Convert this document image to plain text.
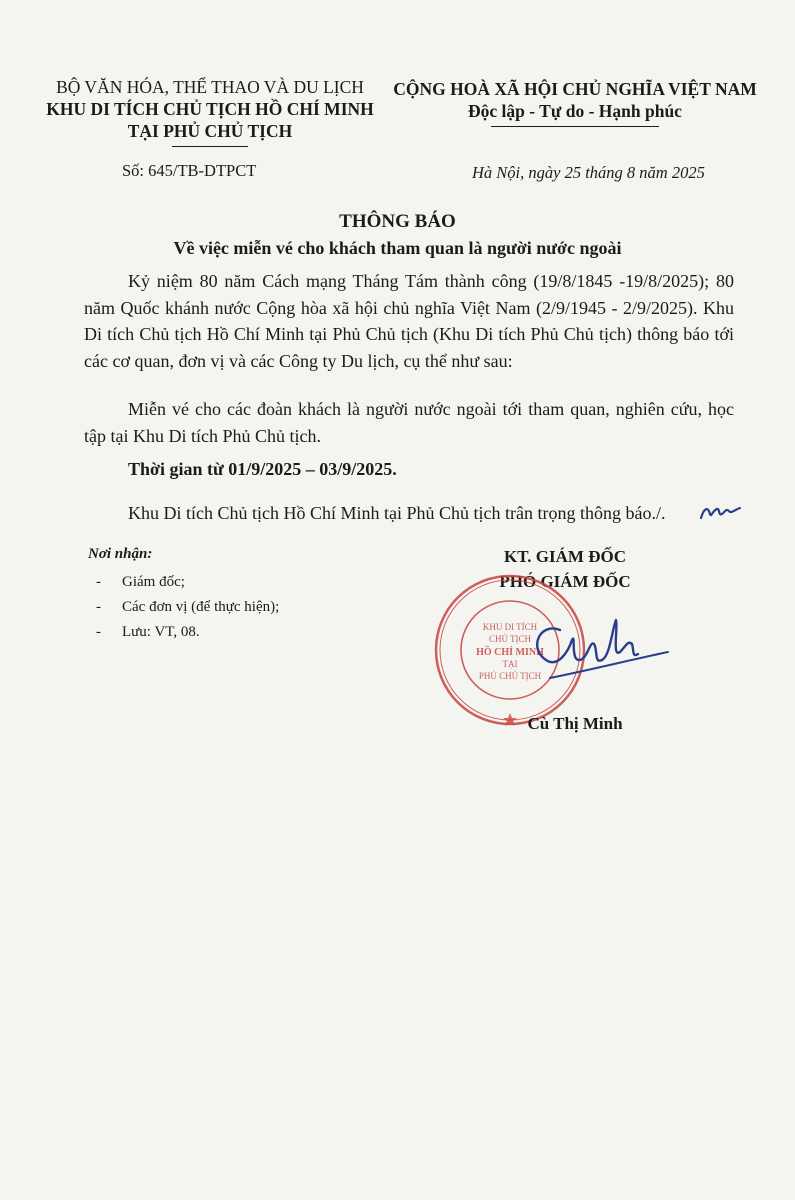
BỘ VĂN HÓA, THỂ THAO VÀ DU LỊCH
KHU DI TÍCH CHỦ TỊCH HỒ CHÍ MINH
TẠI PHỦ CHỦ TỊCH
Số: 645/TB-DTPCT
CỘNG HOÀ XÃ HỘI CHỦ NGHĨA VIỆT NAM
Độc lập - Tự do - Hạnh phúc
Hà Nội, ngày 25 tháng 8 năm 2025
THÔNG BÁO
Về việc miễn vé cho khách tham quan là người nước ngoài
Kỷ niệm 80 năm Cách mạng Tháng Tám thành công (19/8/1845 -19/8/2025); 80 năm Quốc khánh nước Cộng hòa xã hội chủ nghĩa Việt Nam (2/9/1945 - 2/9/2025). Khu Di tích Chủ tịch Hồ Chí Minh tại Phủ Chủ tịch (Khu Di tích Phủ Chủ tịch) thông báo tới các cơ quan, đơn vị và các Công ty Du lịch, cụ thể như sau:
Miễn vé cho các đoàn khách là người nước ngoài tới tham quan, nghiên cứu, học tập tại Khu Di tích Phủ Chủ tịch.
Thời gian từ 01/9/2025 – 03/9/2025.
Khu Di tích Chủ tịch Hồ Chí Minh tại Phủ Chủ tịch trân trọng thông báo./.
Nơi nhận:
- Giám đốc;
- Các đơn vị (để thực hiện);
- Lưu: VT, 08.
KT. GIÁM ĐỐC
PHÓ GIÁM ĐỐC
KHU DI TÍCH
CHỦ TỊCH
HỒ CHÍ MINH
TẠI
PHỦ CHỦ TỊCH
Cù Thị Minh
